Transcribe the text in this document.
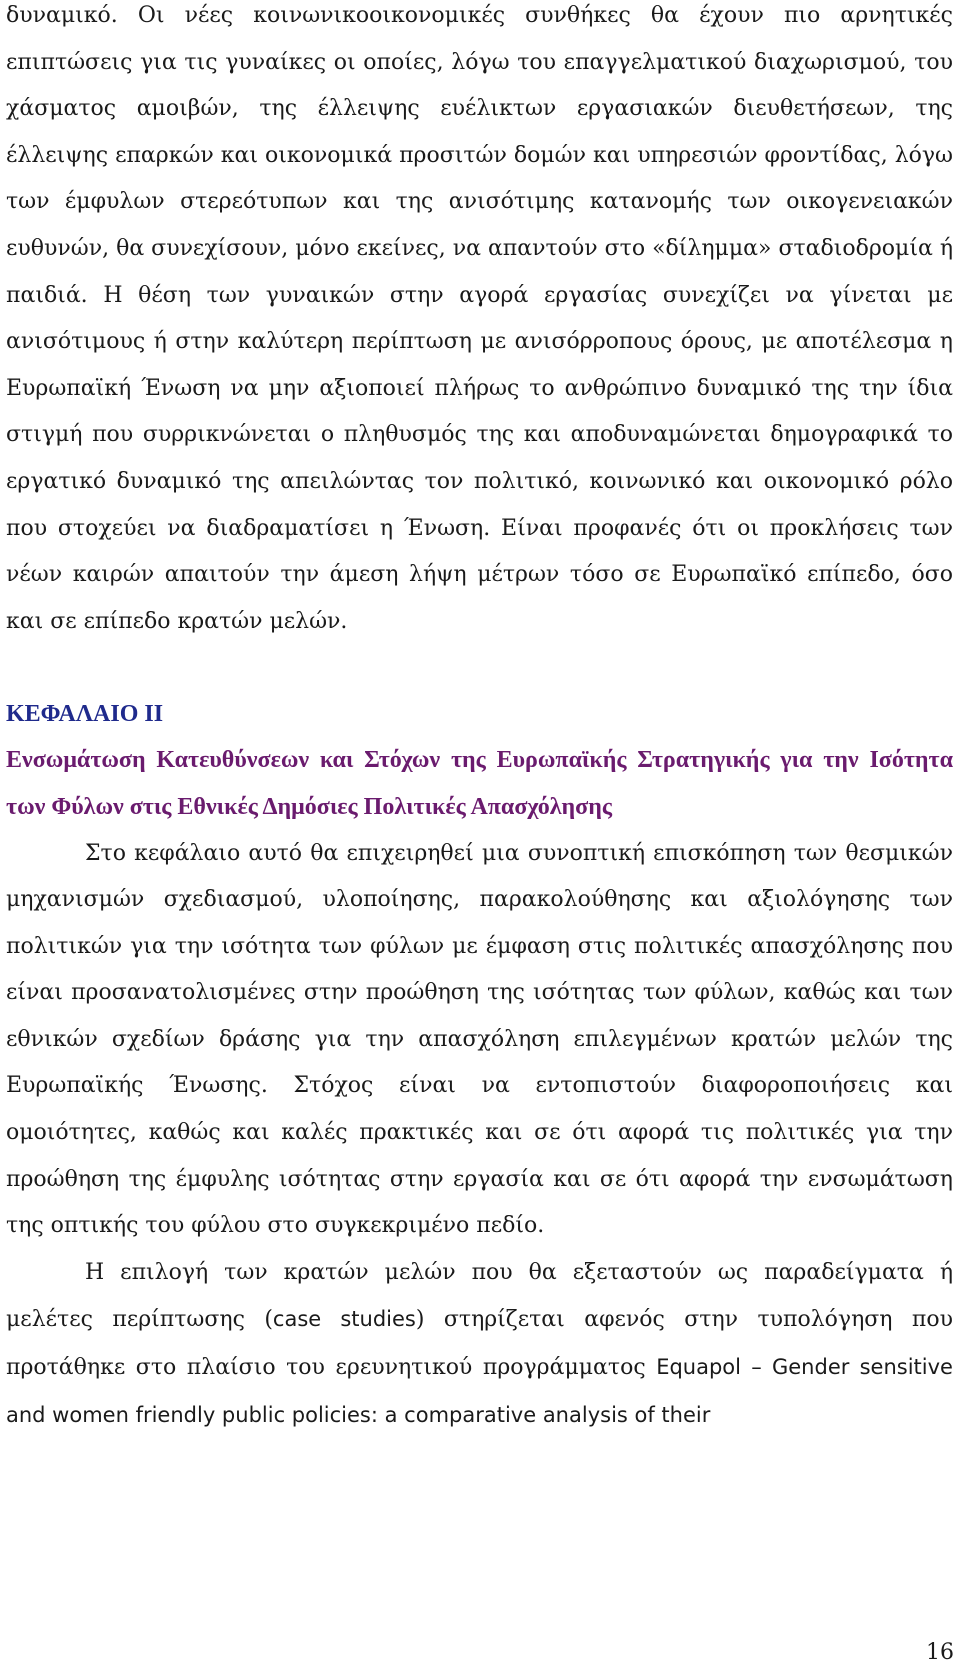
δυναμικό. Οι νέες κοινωνικοοικονομικές συνθήκες θα έχουν πιο αρνητικές επιπτώσεις για τις γυναίκες οι οποίες, λόγω του επαγγελματικού διαχωρισμού, του χάσματος αμοιβών, της έλλειψης ευέλικτων εργασιακών διευθετήσεων, της έλλειψης επαρκών και οικονομικά προσιτών δομών και υπηρεσιών φροντίδας, λόγω των έμφυλων στερεότυπων και της ανισότιμης κατανομής των οικογενειακών ευθυνών, θα συνεχίσουν, μόνο εκείνες, να απαντούν στο «δίλημμα» σταδιοδρομία ή παιδιά. Η θέση των γυναικών στην αγορά εργασίας συνεχίζει να γίνεται με ανισότιμους ή στην καλύτερη περίπτωση με ανισόρροπους όρους, με αποτέλεσμα η Ευρωπαϊκή Ένωση να μην αξιοποιεί πλήρως το ανθρώπινο δυναμικό της την ίδια στιγμή που συρρικνώνεται ο πληθυσμός της και αποδυναμώνεται δημογραφικά το εργατικό δυναμικό της απειλώντας τον πολιτικό, κοινωνικό και οικονομικό ρόλο που στοχεύει να διαδραματίσει η Ένωση. Είναι προφανές ότι οι προκλήσεις των νέων καιρών απαιτούν την άμεση λήψη μέτρων τόσο σε Ευρωπαϊκό επίπεδο, όσο και σε επίπεδο κρατών μελών.

ΚΕΦΑΛΑΙΟ ΙΙ

Ενσωμάτωση Κατευθύνσεων και Στόχων της Ευρωπαϊκής Στρατηγικής για την Ισότητα των Φύλων στις Εθνικές Δημόσιες Πολιτικές Απασχόλησης

Στο κεφάλαιο αυτό θα επιχειρηθεί μια συνοπτική επισκόπηση των θεσμικών μηχανισμών σχεδιασμού, υλοποίησης, παρακολούθησης και αξιολόγησης των πολιτικών για την ισότητα των φύλων με έμφαση στις πολιτικές απασχόλησης που είναι προσανατολισμένες στην προώθηση της ισότητας των φύλων, καθώς και των εθνικών σχεδίων δράσης για την απασχόληση επιλεγμένων κρατών μελών της Ευρωπαϊκής Ένωσης. Στόχος είναι να εντοπιστούν διαφοροποιήσεις και ομοιότητες, καθώς και καλές πρακτικές και σε ότι αφορά τις πολιτικές για την προώθηση της έμφυλης ισότητας στην εργασία και σε ότι αφορά την ενσωμάτωση της οπτικής του φύλου στο συγκεκριμένο πεδίο.

Η επιλογή των κρατών μελών που θα εξεταστούν ως παραδείγματα ή μελέτες περίπτωσης (case studies) στηρίζεται αφενός στην τυπολόγηση που προτάθηκε στο πλαίσιο του ερευνητικού προγράμματος Equapol – Gender sensitive and women friendly public policies: a comparative analysis of their

16
